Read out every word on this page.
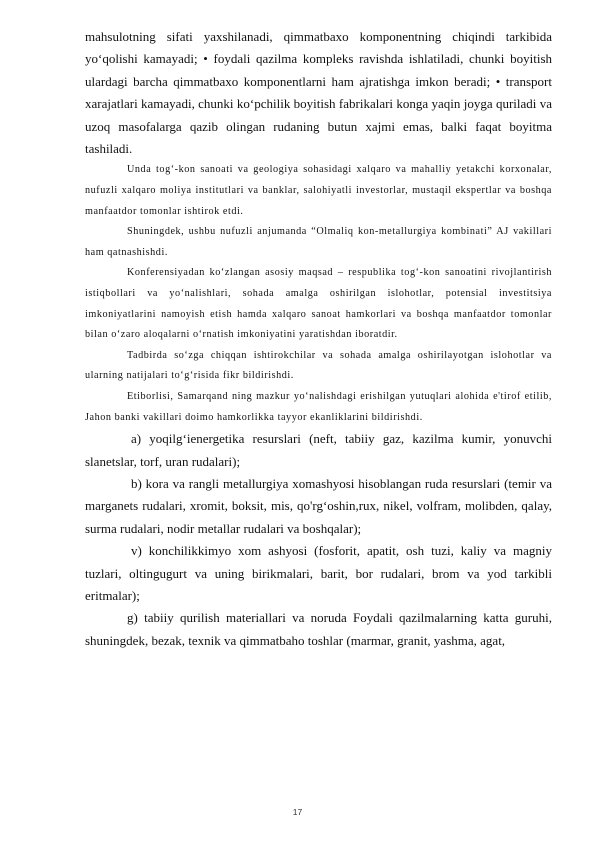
mahsulotning sifati yaxshilanadi, qimmatbaxo komponentning chiqindi tarkibida yo‘qolishi kamayadi; • foydali qazilma kompleks ravishda ishlatiladi, chunki boyitish ulardagi barcha qimmatbaxo komponentlarni ham ajratishga imkon beradi; • transport xarajatlari kamayadi, chunki ko‘pchilik boyitish fabrikalari konga yaqin joyga quriladi va uzoq masofalarga qazib olingan rudaning butun xajmi emas, balki faqat boyitma tashiladi.

Unda tog‘-kon sanoati va geologiya sohasidagi xalqaro va mahalliy yetakchi korxonalar, nufuzli xalqaro moliya institutlari va banklar, salohiyatli investorlar, mustaqil ekspertlar va boshqa manfaatdor tomonlar ishtirok etdi.

Shuningdek, ushbu nufuzli anjumanda “Olmaliq kon-metallurgiya kombinati” AJ vakillari ham qatnashishdi.

Konferensiyadan ko‘zlangan asosiy maqsad – respublika tog‘-kon sanoatini rivojlantirish istiqbollari va yo‘nalishlari, sohada amalga oshirilgan islohotlar, potensial investitsiya imkoniyatlarini namoyish etish hamda xalqaro sanoat hamkorlari va boshqa manfaatdor tomonlar bilan o‘zaro aloqalarni o‘rnatish imkoniyatini yaratishdan iboratdir.

Tadbirda so‘zga chiqqan ishtirokchilar va sohada amalga oshirilayotgan islohotlar va ularning natijalari to‘g‘risida fikr bildirishdi.

Etiborlisi, Samarqand ning mazkur yo‘nalishdagi erishilgan yutuqlari alohida e'tirof etilib, Jahon banki vakillari doimo hamkorlikka tayyor ekanliklarini bildirishdi.

a) yoqilg‘ienergetika resurslari (neft, tabiiy gaz, kazilma kumir, yonuvchi slanetslar, torf, uran rudalari);

b) kora va rangli metallurgiya xomashyosi hisoblangan ruda resurslari (temir va marganets rudalari, xromit, boksit, mis, qo'rg‘oshin,rux, nikel, volfram, molibden, qalay, surma rudalari, nodir metallar rudalari va boshqalar);

v) konchilikkimyo xom ashyosi (fosforit, apatit, osh tuzi, kaliy va magniy tuzlari, oltingugurt va uning birikmalari, barit, bor rudalari, brom va yod tarkibli eritmalar);

g) tabiiy qurilish materiallari va noruda Foydali qazilmalarning katta guruhi, shuningdek, bezak, texnik va qimmatbaho toshlar (marmar, granit, yashma, agat,

17
